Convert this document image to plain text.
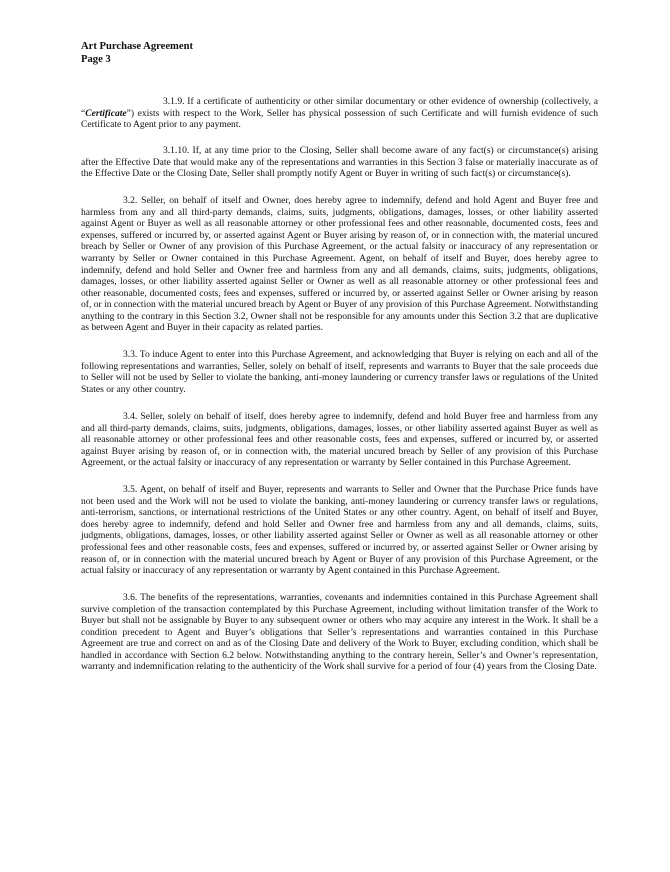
Art Purchase Agreement
Page 3

3.1.9. If a certificate of authenticity or other similar documentary or other evidence of ownership (collectively, a “Certificate”) exists with respect to the Work, Seller has physical possession of such Certificate and will furnish evidence of such Certificate to Agent prior to any payment.

3.1.10. If, at any time prior to the Closing, Seller shall become aware of any fact(s) or circumstance(s) arising after the Effective Date that would make any of the representations and warranties in this Section 3 false or materially inaccurate as of the Effective Date or the Closing Date, Seller shall promptly notify Agent or Buyer in writing of such fact(s) or circumstance(s).

3.2. Seller, on behalf of itself and Owner, does hereby agree to indemnify, defend and hold Agent and Buyer free and harmless from any and all third-party demands, claims, suits, judgments, obligations, damages, losses, or other liability asserted against Agent or Buyer as well as all reasonable attorney or other professional fees and other reasonable, documented costs, fees and expenses, suffered or incurred by, or asserted against Agent or Buyer arising by reason of, or in connection with, the material uncured breach by Seller or Owner of any provision of this Purchase Agreement, or the actual falsity or inaccuracy of any representation or warranty by Seller or Owner contained in this Purchase Agreement. Agent, on behalf of itself and Buyer, does hereby agree to indemnify, defend and hold Seller and Owner free and harmless from any and all demands, claims, suits, judgments, obligations, damages, losses, or other liability asserted against Seller or Owner as well as all reasonable attorney or other professional fees and other reasonable, documented costs, fees and expenses, suffered or incurred by, or asserted against Seller or Owner arising by reason of, or in connection with the material uncured breach by Agent or Buyer of any provision of this Purchase Agreement. Notwithstanding anything to the contrary in this Section 3.2, Owner shall not be responsible for any amounts under this Section 3.2 that are duplicative as between Agent and Buyer in their capacity as related parties.

3.3. To induce Agent to enter into this Purchase Agreement, and acknowledging that Buyer is relying on each and all of the following representations and warranties, Seller, solely on behalf of itself, represents and warrants to Buyer that the sale proceeds due to Seller will not be used by Seller to violate the banking, anti-money laundering or currency transfer laws or regulations of the United States or any other country.

3.4. Seller, solely on behalf of itself, does hereby agree to indemnify, defend and hold Buyer free and harmless from any and all third-party demands, claims, suits, judgments, obligations, damages, losses, or other liability asserted against Buyer as well as all reasonable attorney or other professional fees and other reasonable costs, fees and expenses, suffered or incurred by, or asserted against Buyer arising by reason of, or in connection with, the material uncured breach by Seller of any provision of this Purchase Agreement, or the actual falsity or inaccuracy of any representation or warranty by Seller contained in this Purchase Agreement.

3.5. Agent, on behalf of itself and Buyer, represents and warrants to Seller and Owner that the Purchase Price funds have not been used and the Work will not be used to violate the banking, anti-money laundering or currency transfer laws or regulations, anti-terrorism, sanctions, or international restrictions of the United States or any other country. Agent, on behalf of itself and Buyer, does hereby agree to indemnify, defend and hold Seller and Owner free and harmless from any and all demands, claims, suits, judgments, obligations, damages, losses, or other liability asserted against Seller or Owner as well as all reasonable attorney or other professional fees and other reasonable costs, fees and expenses, suffered or incurred by, or asserted against Seller or Owner arising by reason of, or in connection with the material uncured breach by Agent or Buyer of any provision of this Purchase Agreement, or the actual falsity or inaccuracy of any representation or warranty by Agent contained in this Purchase Agreement.

3.6. The benefits of the representations, warranties, covenants and indemnities contained in this Purchase Agreement shall survive completion of the transaction contemplated by this Purchase Agreement, including without limitation transfer of the Work to Buyer but shall not be assignable by Buyer to any subsequent owner or others who may acquire any interest in the Work. It shall be a condition precedent to Agent and Buyer’s obligations that Seller’s representations and warranties contained in this Purchase Agreement are true and correct on and as of the Closing Date and delivery of the Work to Buyer, excluding condition, which shall be handled in accordance with Section 6.2 below. Notwithstanding anything to the contrary herein, Seller’s and Owner’s representation, warranty and indemnification relating to the authenticity of the Work shall survive for a period of four (4) years from the Closing Date.
